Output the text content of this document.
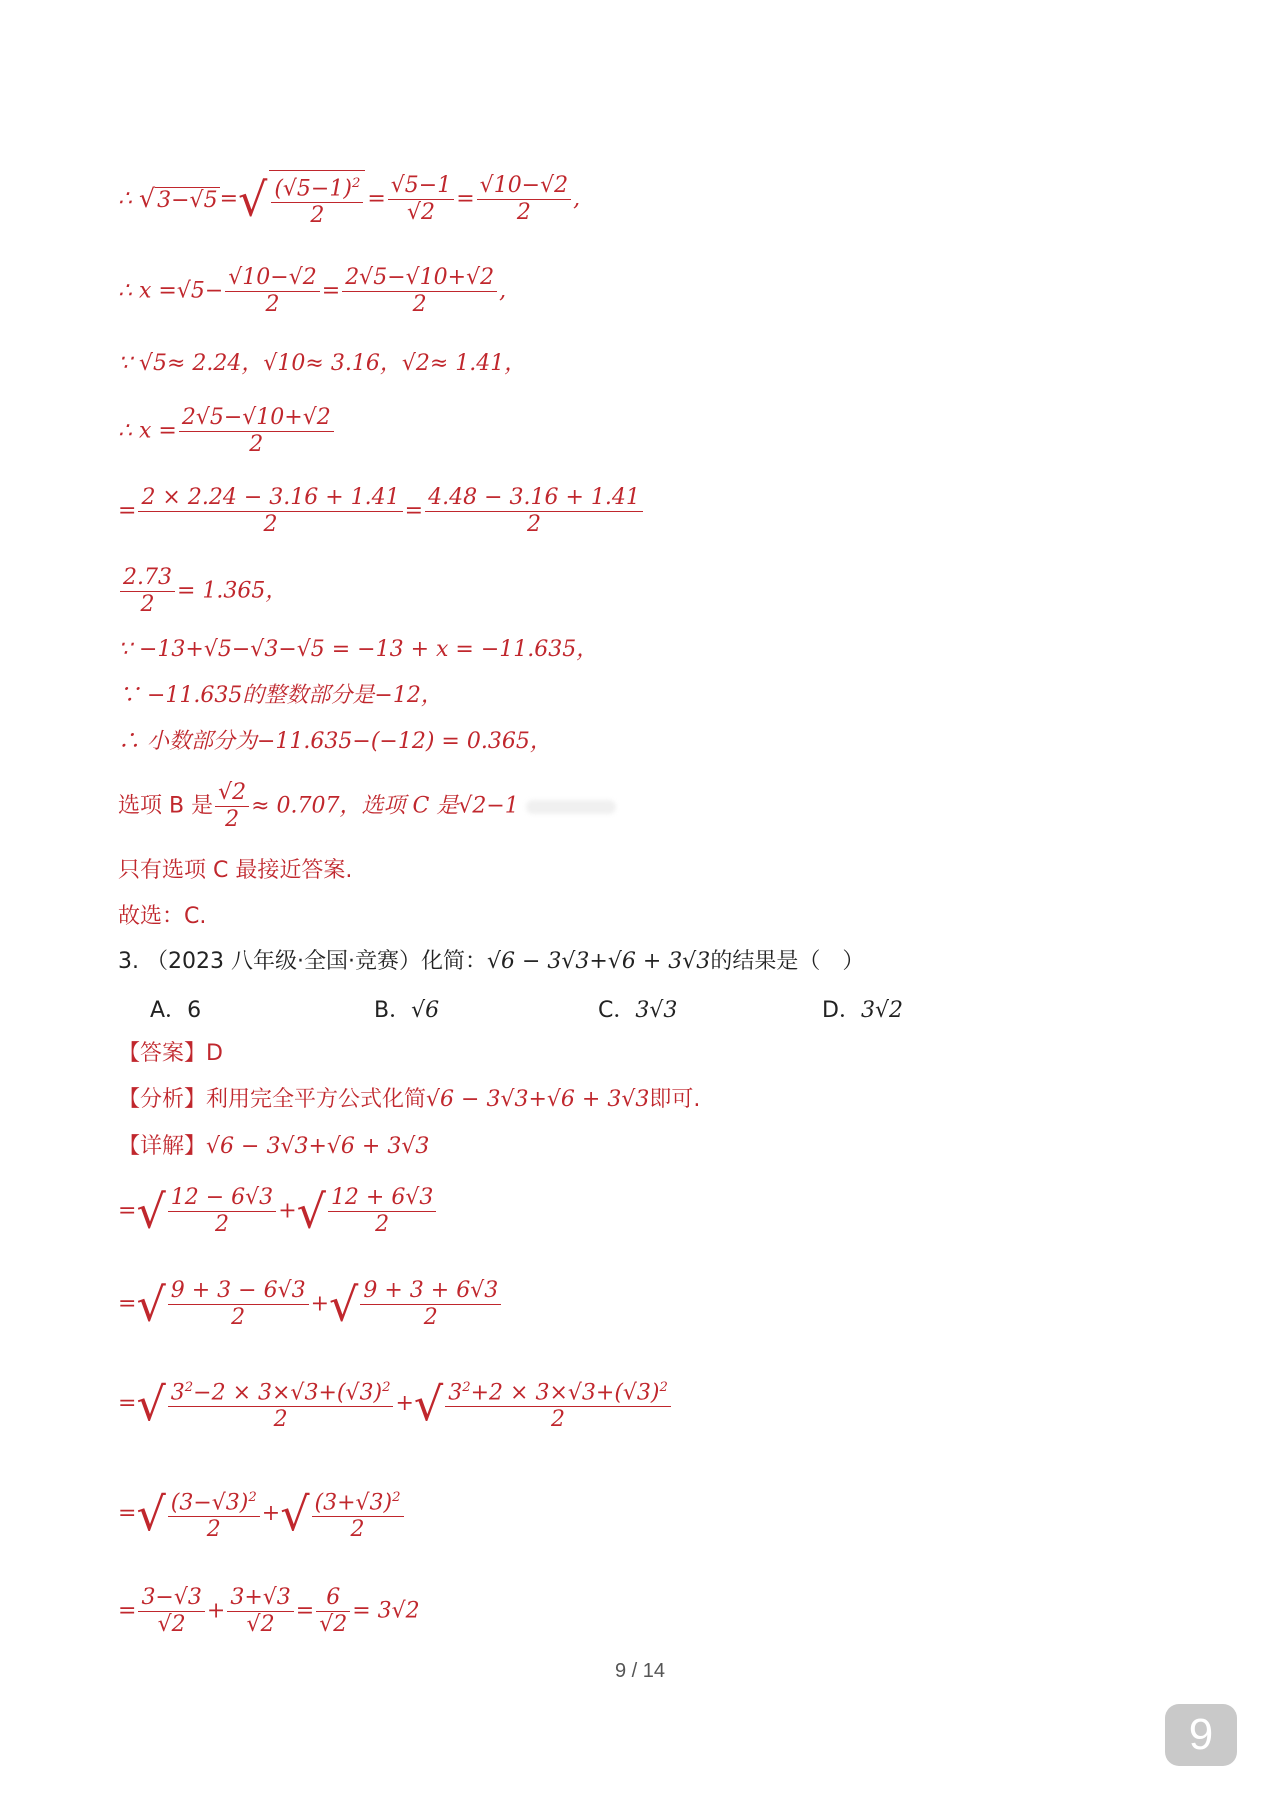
∴ $√3-√5=√ \frac{(√5-1)^2}{2} = \frac{√5-1}{√2} = \frac{√10-√2}{2}$ ,
∴ $x =√5- \frac{√10-√2}{2} = \frac{2√5-√10+√2}{2}$ ,
∵ √5≈ 2.24，√10≈ 3.16，√2≈ 1.41，
∴ $x = \frac{2√5-√10+√2}{2}$
= $\frac{2 \times 2.24 - 3.16 + 1.41}{2} = \frac{4.48 - 3.16 + 1.41}{2}$
$\frac{2.73}{2} = 1.365$，
∵ −13+√5−√3−√5 = −13 + x = −11.635，
∵ −11.635的整数部分是−12，
∴ 小数部分为−11.635−(−12) = 0.365，
选项 B 是 $\frac{√2}{2} \approx 0.707$，选项 C 是√2−1
只有选项 C 最接近答案.
故选：C.
3. （2023 八年级·全国·竞赛）化简：√6 − 3√3+√6 + 3√3的结果是（　）
A．6	B．√6	C．3√3	D．3√2
【答案】D
【分析】利用完全平方公式化简√6 − 3√3+√6 + 3√3即可.
【详解】√6 − 3√3+√6 + 3√3
=√ $\frac{12 - 6√3}{2}$ +√ $\frac{12 + 6√3}{2}$
=√ $\frac{9 + 3 - 6√3}{2}$ +√ $\frac{9 + 3 + 6√3}{2}$
=√ $\frac{3^2-2 \times 3\times√3+(√3)^2}{2}$ +√ $\frac{3^2+2 \times 3\times√3+(√3)^2}{2}$
=√ $\frac{(3-√3)^2}{2}$ +√ $\frac{(3+√3)^2}{2}$
= $\frac{3-√3}{√2} + \frac{3+√3}{√2} = \frac{6}{√2} = 3√2$
9 / 14
9
